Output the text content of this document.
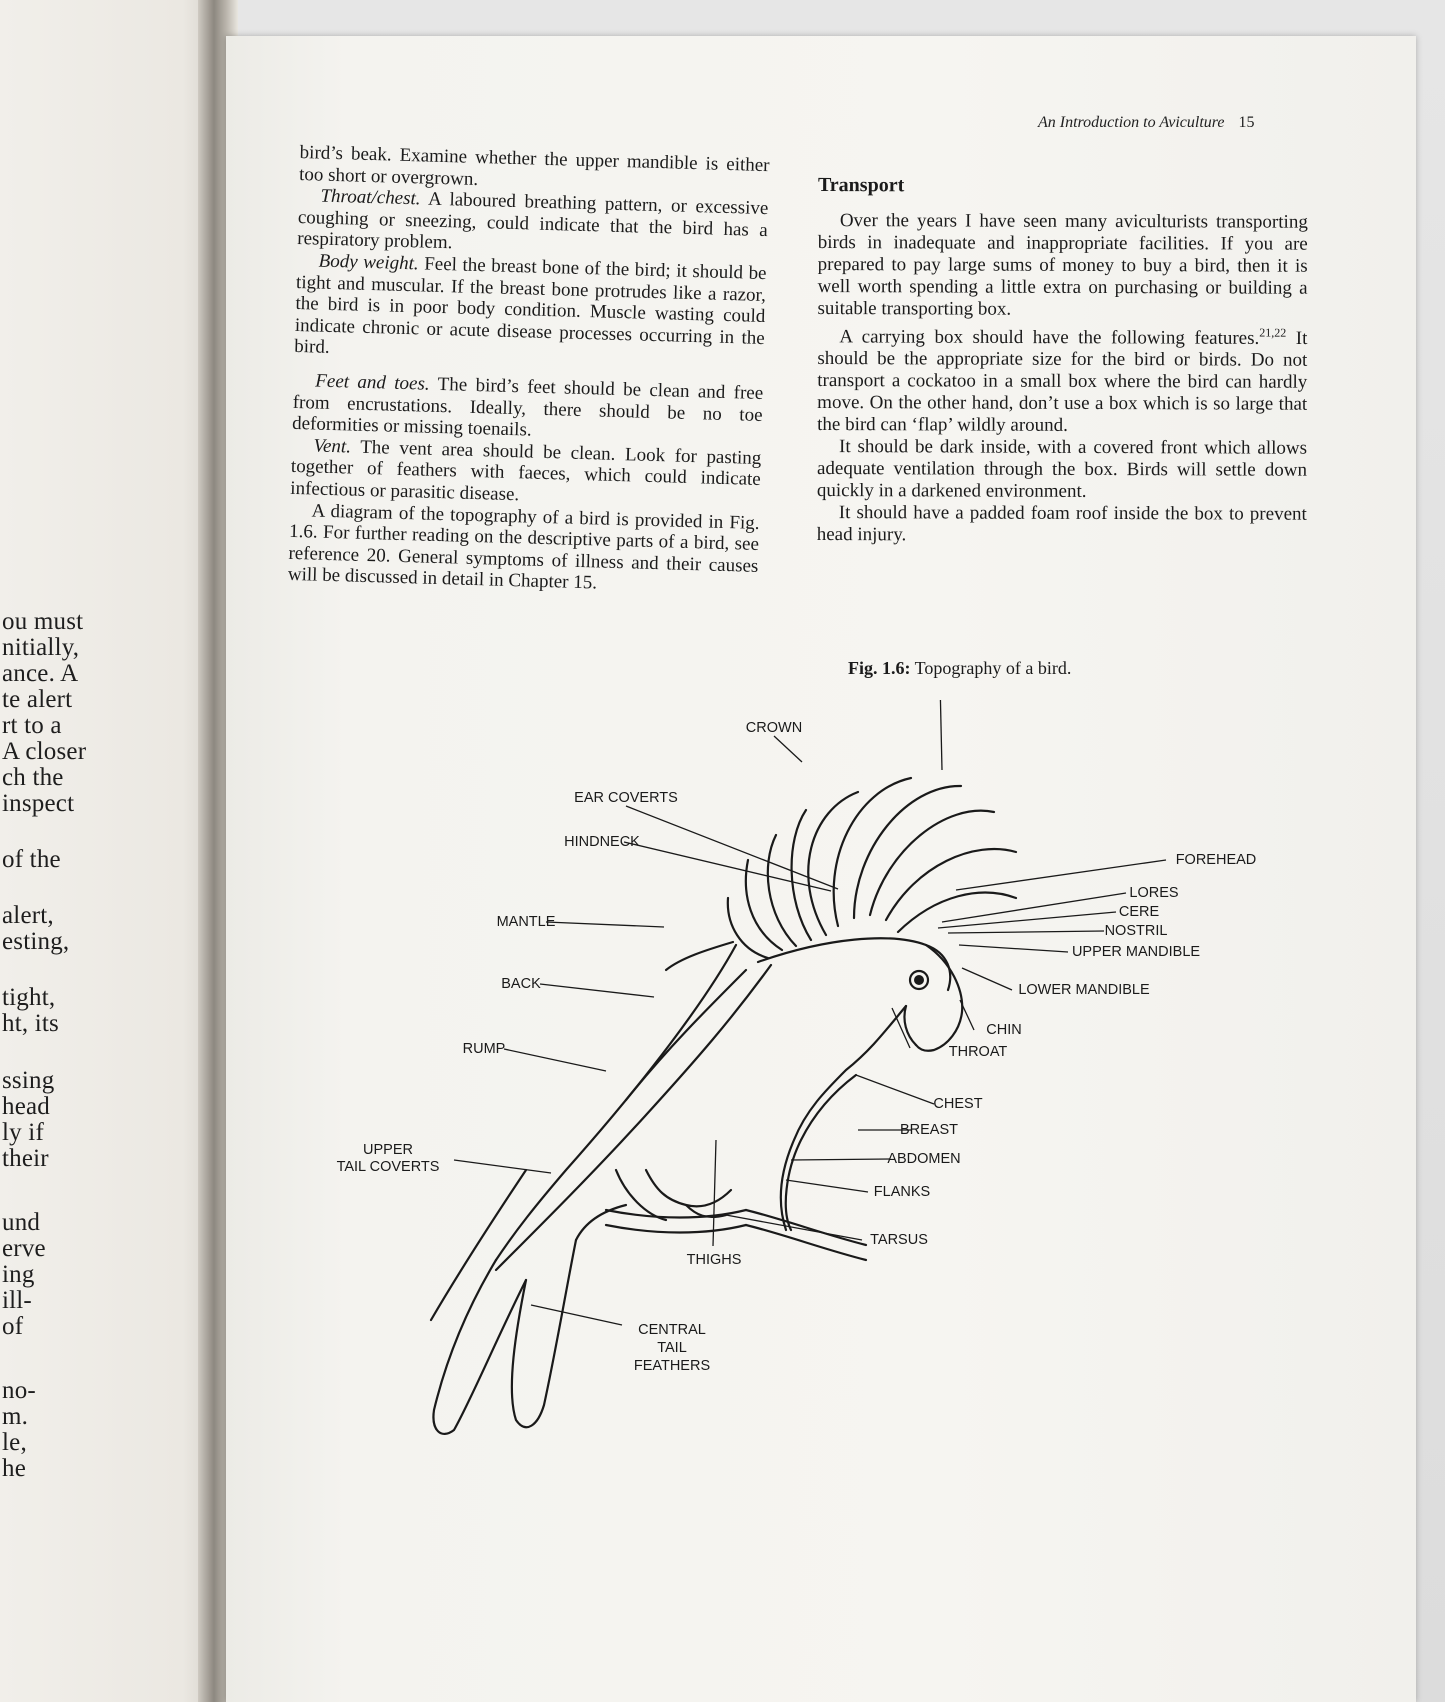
ou must
nitially,
ance. A
te alert
rt to a
A closer
ch the
inspect
of the
alert,
esting,
tight,
ht, its
ssing
head
ly if
their
und
erve
ing
ill-
of
no-
m.
le,
he
An Introduction to Aviculture 15

bird’s beak. Examine whether the upper mandible is either too short or overgrown.

Throat/chest. A laboured breathing pattern, or excessive coughing or sneezing, could indicate that the bird has a respiratory problem.

Body weight. Feel the breast bone of the bird; it should be tight and muscular. If the breast bone protrudes like a razor, the bird is in poor body condition. Muscle wasting could indicate chronic or acute disease processes occurring in the bird.

Feet and toes. The bird’s feet should be clean and free from encrustations. Ideally, there should be no toe deformities or missing toenails.

Vent. The vent area should be clean. Look for pasting together of feathers with faeces, which could indicate infectious or parasitic disease.

A diagram of the topography of a bird is provided in Fig. 1.6. For further reading on the descriptive parts of a bird, see reference 20. General symptoms of illness and their causes will be discussed in detail in Chapter 15.

Transport

Over the years I have seen many aviculturists transporting birds in inadequate and inappropriate facilities. If you are prepared to pay large sums of money to buy a bird, then it is well worth spending a little extra on purchasing or building a suitable transporting box.

A carrying box should have the following features.$^{21,22}$ It should be the appropriate size for the bird or birds. Do not transport a cockatoo in a small box where the bird can hardly move. On the other hand, don’t use a box which is so large that the bird can ‘flap’ wildly around.

It should be dark inside, with a covered front which allows adequate ventilation through the box. Birds will settle down quickly in a darkened environment.

It should have a padded foam roof inside the box to prevent head injury.

Fig. 1.6: Topography of a bird.
CROWN
EAR COVERTS
HINDNECK
MANTLE
BACK
RUMP
UPPER
TAIL COVERTS
FOREHEAD
LORES
CERE
NOSTRIL
UPPER MANDIBLE
LOWER MANDIBLE
CHIN
THROAT
CHEST
BREAST
ABDOMEN
FLANKS
TARSUS
THIGHS
CENTRAL
TAIL
FEATHERS
